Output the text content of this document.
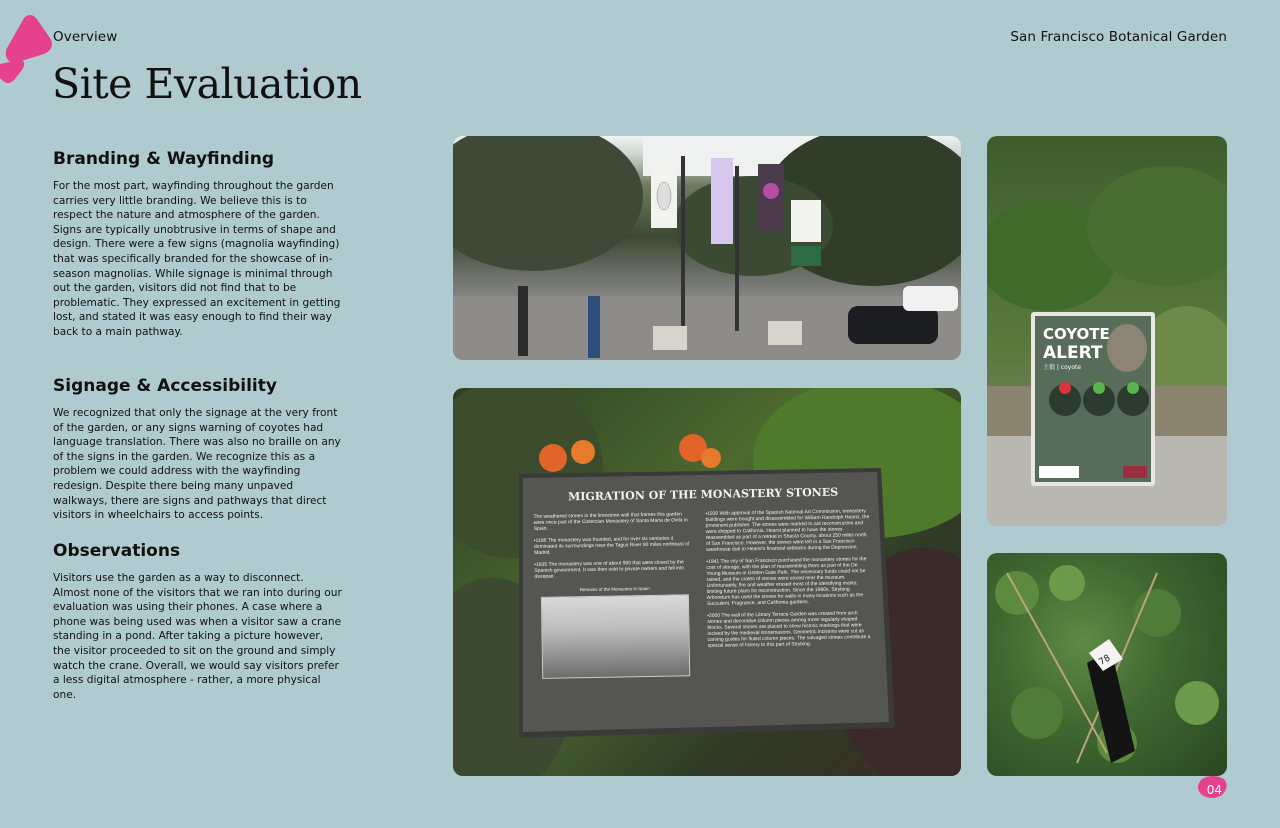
Overview	San Francisco Botanical Garden
Site Evaluation
Branding & Wayfinding

For the most part, wayfinding throughout the garden carries very little branding. We believe this is to respect the nature and atmosphere of the garden. Signs are typically unobtrusive in terms of shape and design. There were a few signs (magnolia wayfinding) that was specifically branded for the showcase of in-season magnolias. While signage is minimal through out the garden, visitors did not find that to be problematic. They expressed an excitement in getting lost, and stated it was easy enough to find their way back to a main pathway.

Signage & Accessibility

We recognized that only the signage at the very front of the garden, or any signs warning of coyotes had language translation. There was also no braille on any of the signs in the garden. We recognize this as a problem we could address with the wayfinding redesign. Despite there being many unpaved walkways, there are signs and pathways that direct visitors in wheelchairs to access points.

Observations

Visitors use the garden as a way to disconnect. Almost none of the visitors that we ran into during our evaluation was using their phones. A case where a phone was being used was when a visitor saw a crane standing in a pond. After taking a picture however, the visitor proceeded to sit on the ground and simply watch the crane. Overall, we would say visitors prefer a less digital atmosphere - rather, a more physical one.

COYOTE
ALERT
土狼 | coyote
MIGRATION OF THE MONASTERY STONES
The weathered stones in the limestone wall that frames this garden were once part of the Cistercian Monastery of Santa Maria de Ovila in Spain.
•1186 The monastery was founded, and for over six centuries it dominated its surroundings near the Tagus River 90 miles northeast of Madrid.
•1835 The monastery was one of about 900 that were closed by the Spanish government. It was then sold to private owners and fell into disrepair.
Remains of the Monastery in Spain
•1930 With approval of the Spanish National Art Commission, monastery buildings were bought and disassembled for William Randolph Hearst, the prominent publisher. The stones were marked to aid reconstruction and were shipped to California. Hearst planned to have the stones reassembled as part of a retreat in Shasta County, about 250 miles north of San Francisco. However, the stones were left in a San Francisco warehouse due to Hearst's financial setbacks during the Depression.
•1941 The city of San Francisco purchased the monastery stones for the cost of storage, with the plan of reassembling them as part of the De Young Museum in Golden Gate Park. The necessary funds could not be raised, and the crates of stones were stored near the museum. Unfortunately, fire and weather erased most of the identifying marks, limiting future plans for reconstruction. Since the 1980s, Strybing Arboretum has used the stones for walls in many locations such as the Succulent, Fragrance, and California gardens.
•2000 The wall of the Library Terrace Garden was created from arch stones and decorative column pieces among more regularly shaped blocks. Several stones are placed to show historic markings that were incised by the medieval stonemasons. Geometric incisions were cut as carving guides for fluted column pieces. The salvaged stones contribute a special sense of history to this part of Strybing.
78
04
